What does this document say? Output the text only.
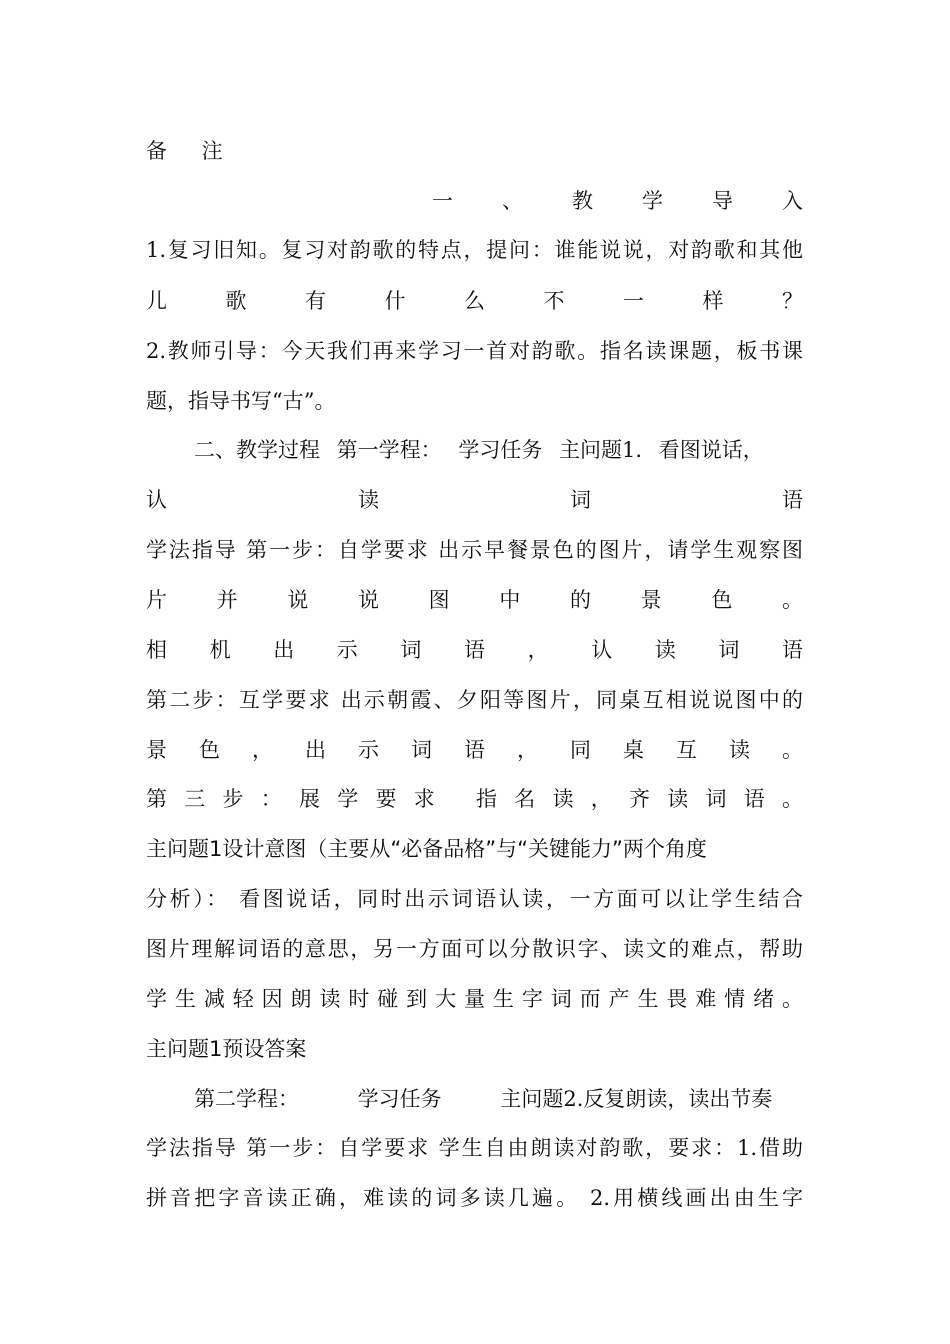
备 注
一、教学导入
1.复习旧知。复习对韵歌的特点，提问：谁能说说，对韵歌和其他
儿歌有什么不一样？
2.教师引导：今天我们再来学习一首对韵歌。指名读课题，板书课
题，指导书写“古”。
二、教学过程 第一学程： 学习任务 主问题1. 看图说话，
认读词语
学法指导 第一步：自学要求 出示早餐景色的图片，请学生观察图
片并说说图中的景色。
相机出示词语，认读词语
第二步：互学要求 出示朝霞、夕阳等图片，同桌互相说说图中的
景色，出示词语，同桌互读。
第三步：展学要求 指名读，齐读词语。
主问题1设计意图（主要从“必备品格”与“关键能力”两个角度
分析）： 看图说话，同时出示词语认读，一方面可以让学生结合
图片理解词语的意思，另一方面可以分散识字、读文的难点，帮助
学生减轻因朗读时碰到大量生字词而产生畏难情绪。
主问题1预设答案
第二学程： 学习任务 主问题2.反复朗读，读出节奏
学法指导 第一步：自学要求 学生自由朗读对韵歌，要求：1.借助
拼音把字音读正确，难读的词多读几遍。 2.用横线画出由生字
